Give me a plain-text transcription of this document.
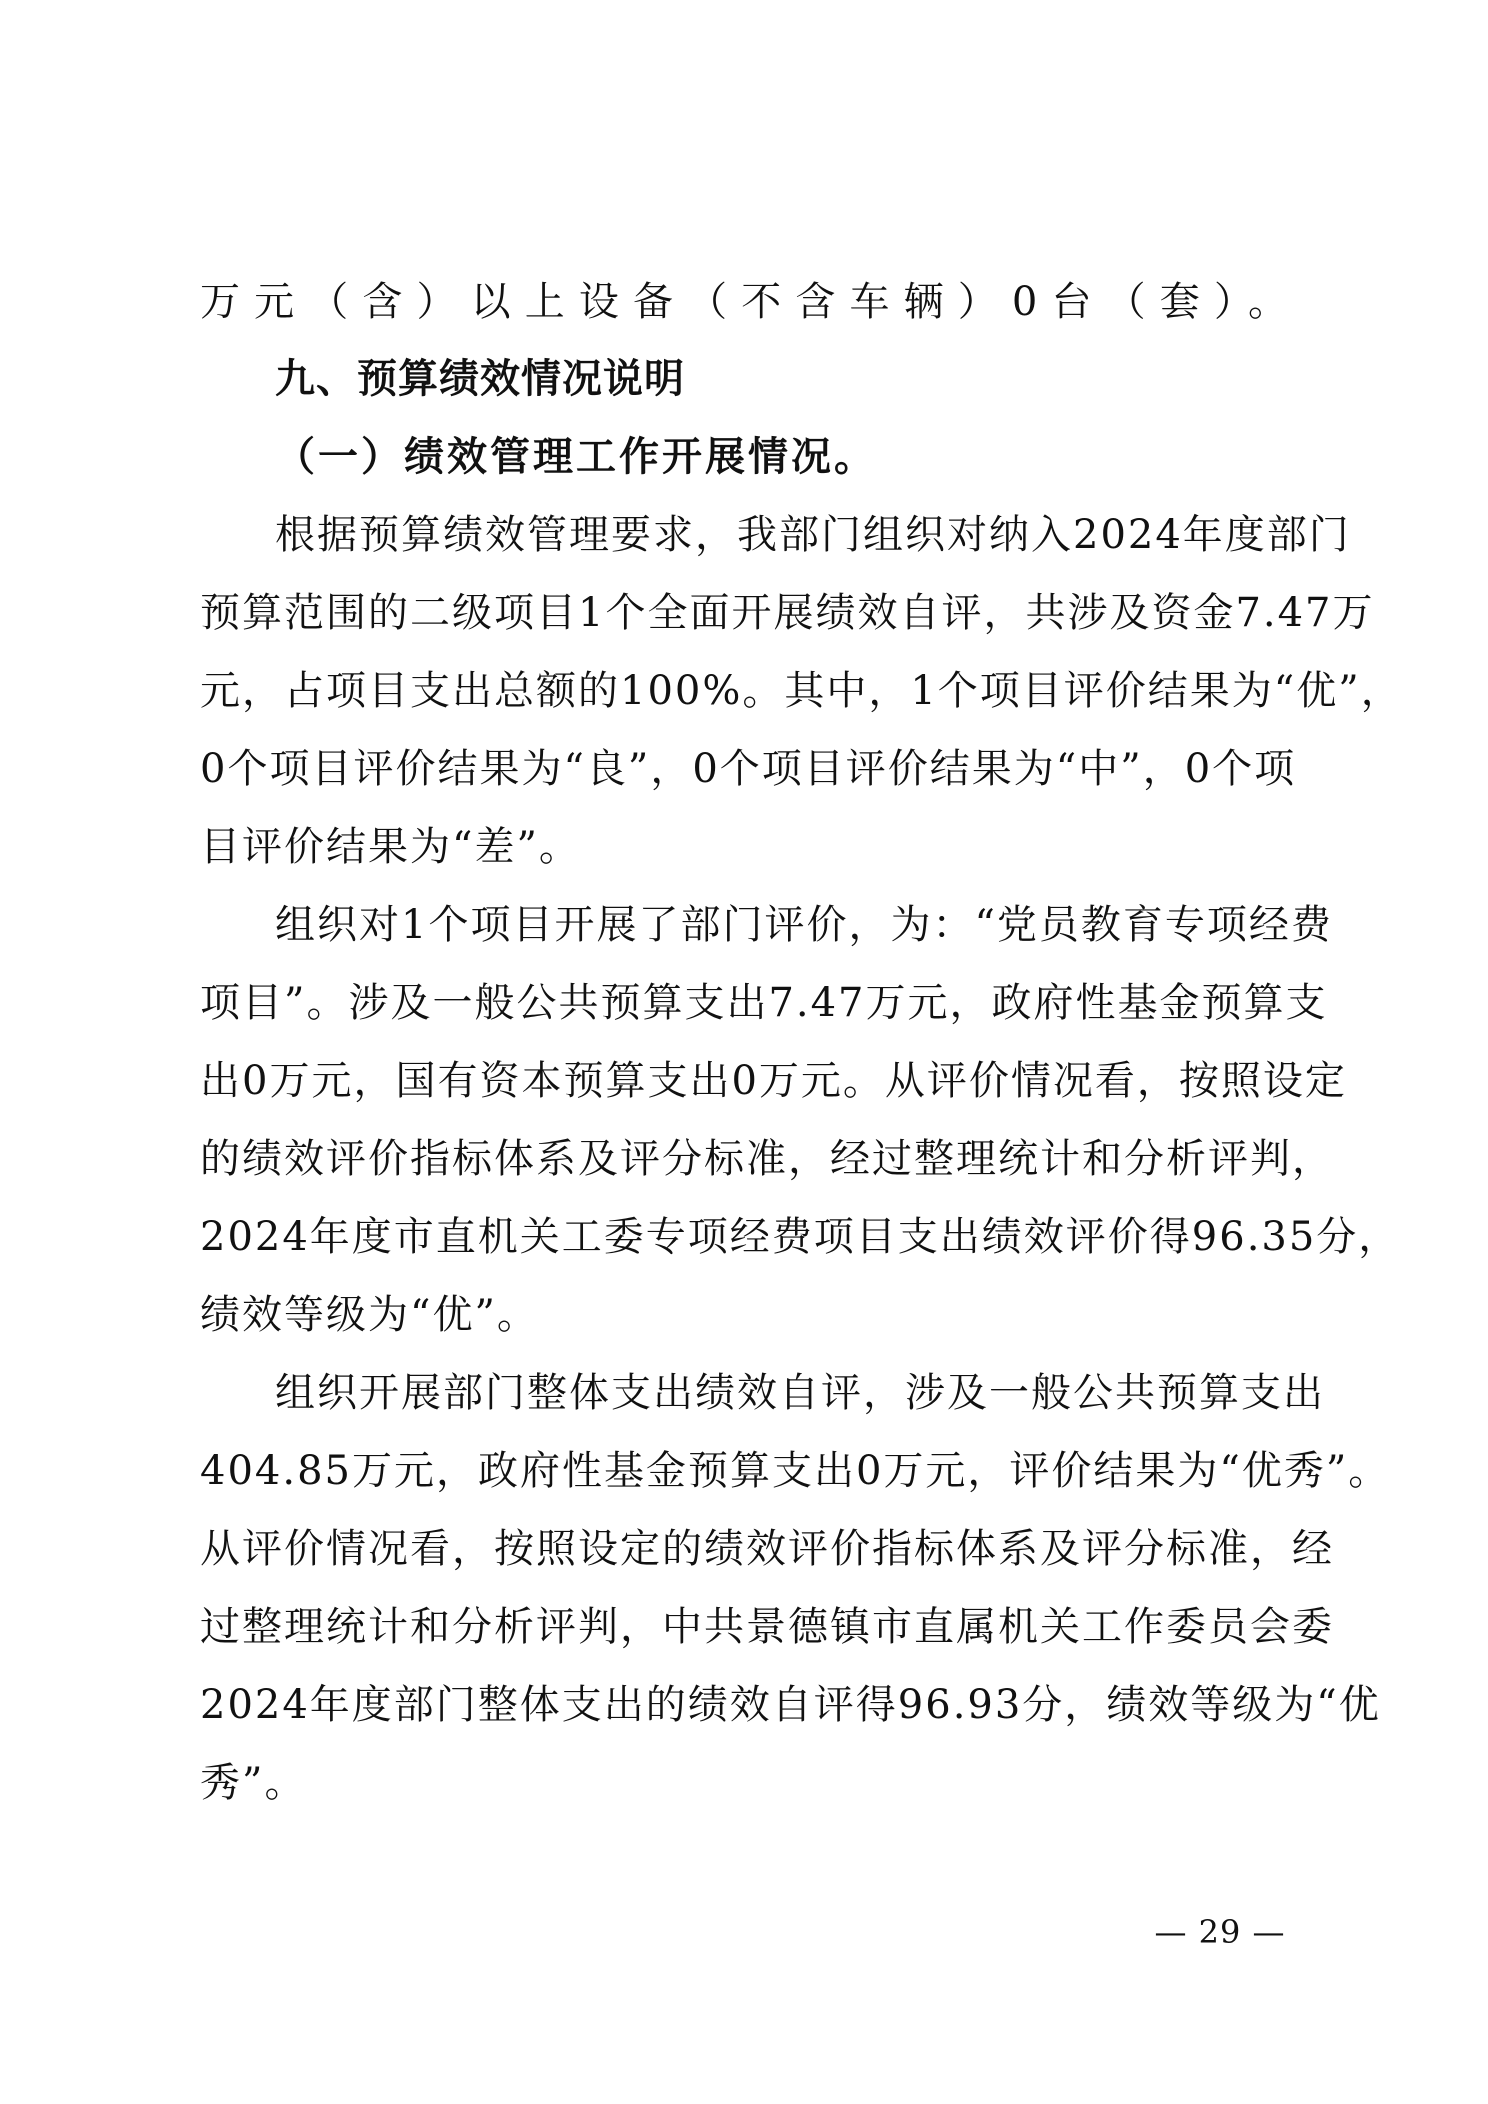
万元（含）以上设备（不含车辆）0台（套）。
九、预算绩效情况说明
（一）绩效管理工作开展情况。
根据预算绩效管理要求，我部门组织对纳入2024年度部门
预算范围的二级项目1个全面开展绩效自评，共涉及资金7.47万
元，占项目支出总额的100%。其中，1个项目评价结果为“优”，
0个项目评价结果为“良”，0个项目评价结果为“中”，0个项
目评价结果为“差”。
组织对1个项目开展了部门评价，为：“党员教育专项经费
项目”。涉及一般公共预算支出7.47万元，政府性基金预算支
出0万元，国有资本预算支出0万元。从评价情况看，按照设定
的绩效评价指标体系及评分标准，经过整理统计和分析评判，
2024年度市直机关工委专项经费项目支出绩效评价得96.35分，
绩效等级为“优”。
组织开展部门整体支出绩效自评，涉及一般公共预算支出
404.85万元，政府性基金预算支出0万元，评价结果为“优秀”。
从评价情况看，按照设定的绩效评价指标体系及评分标准，经
过整理统计和分析评判，中共景德镇市直属机关工作委员会委
2024年度部门整体支出的绩效自评得96.93分，绩效等级为“优
秀”。
— 29 —
